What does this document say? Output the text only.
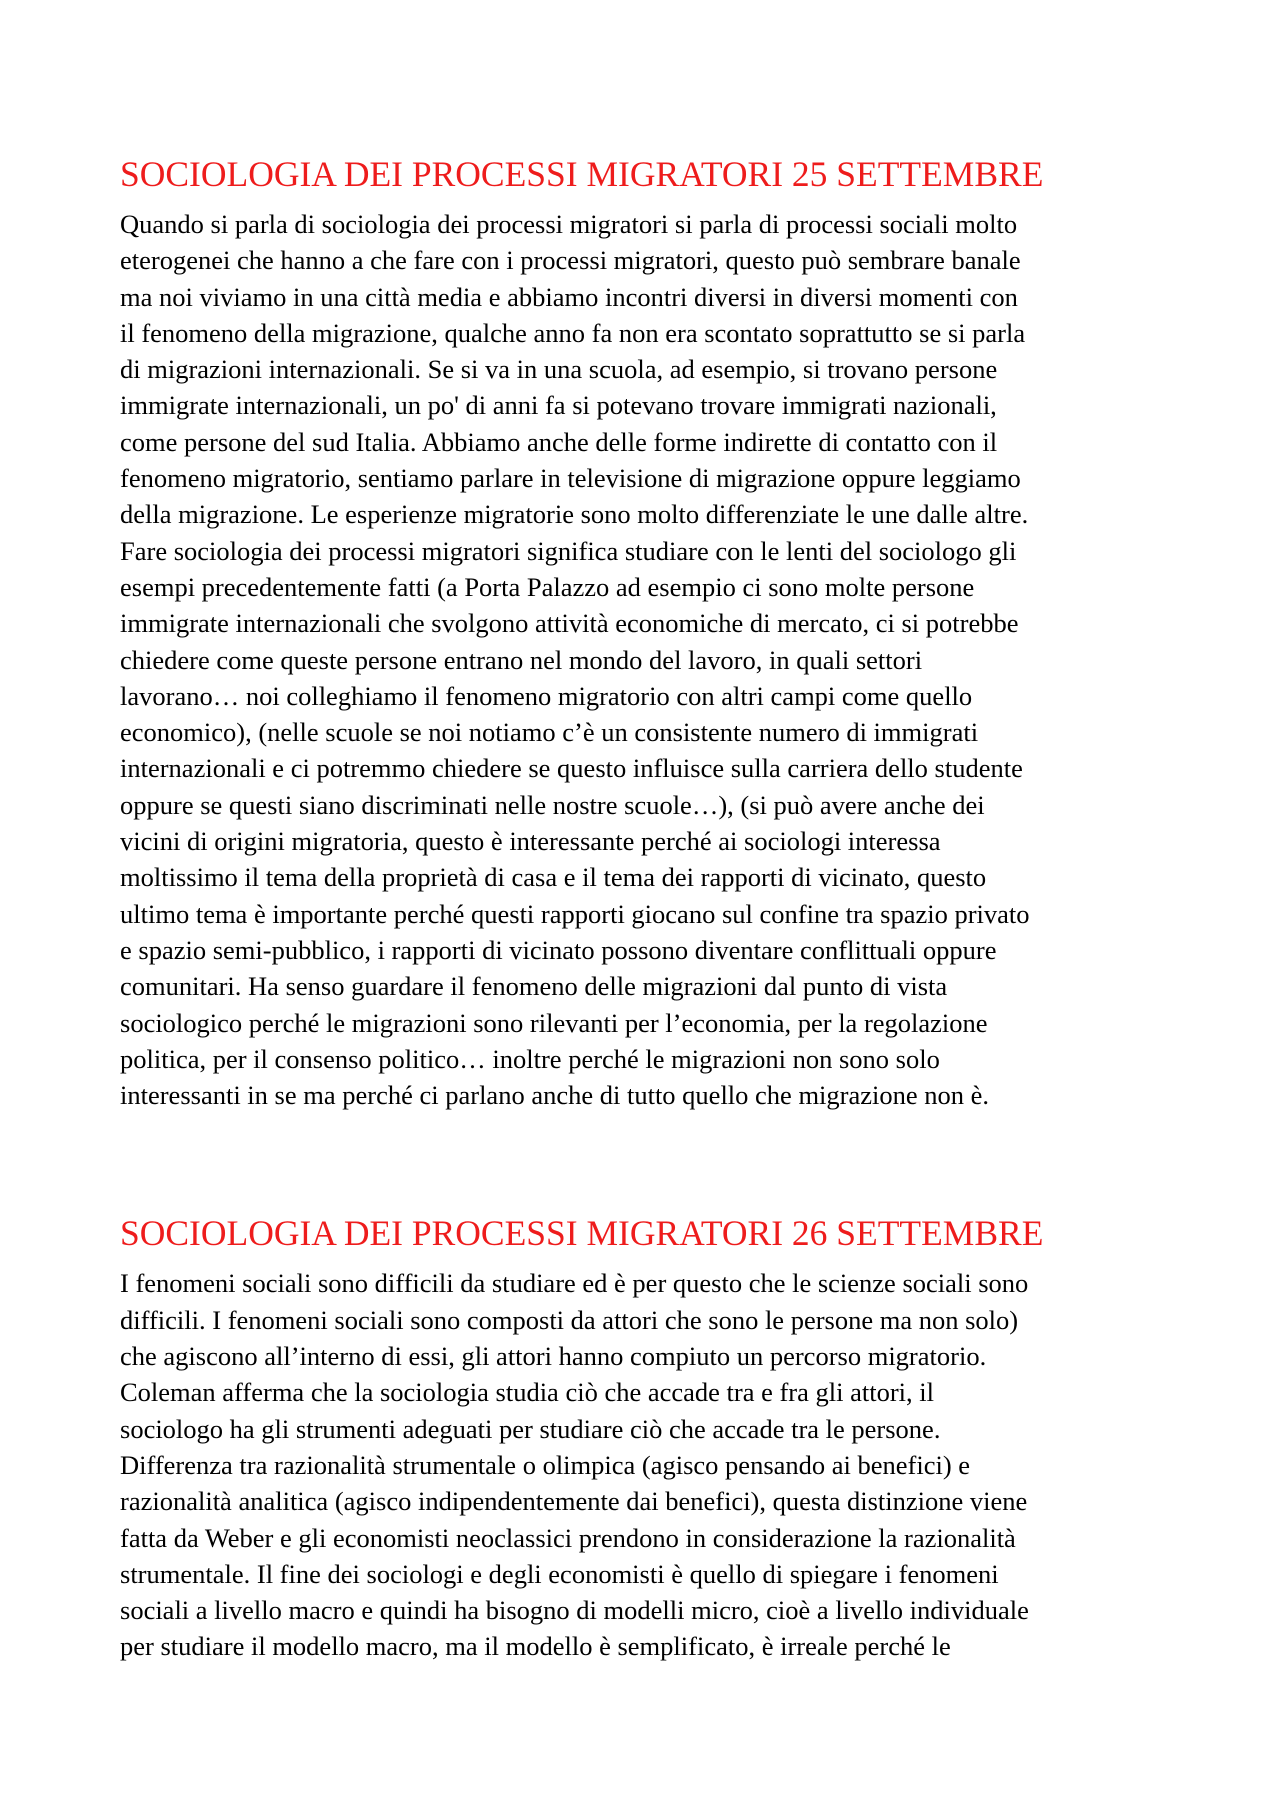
SOCIOLOGIA DEI PROCESSI MIGRATORI 25 SETTEMBRE
Quando si parla di sociologia dei processi migratori si parla di processi sociali molto
eterogenei che hanno a che fare con i processi migratori, questo può sembrare banale
ma noi viviamo in una città media e abbiamo incontri diversi in diversi momenti con
il fenomeno della migrazione, qualche anno fa non era scontato soprattutto se si parla
di migrazioni internazionali. Se si va in una scuola, ad esempio, si trovano persone
immigrate internazionali, un po' di anni fa si potevano trovare immigrati nazionali,
come persone del sud Italia. Abbiamo anche delle forme indirette di contatto con il
fenomeno migratorio, sentiamo parlare in televisione di migrazione oppure leggiamo
della migrazione. Le esperienze migratorie sono molto differenziate le une dalle altre.
Fare sociologia dei processi migratori significa studiare con le lenti del sociologo gli
esempi precedentemente fatti (a Porta Palazzo ad esempio ci sono molte persone
immigrate internazionali che svolgono attività economiche di mercato, ci si potrebbe
chiedere come queste persone entrano nel mondo del lavoro, in quali settori
lavorano… noi colleghiamo il fenomeno migratorio con altri campi come quello
economico), (nelle scuole se noi notiamo c’è un consistente numero di immigrati
internazionali e ci potremmo chiedere se questo influisce sulla carriera dello studente
oppure se questi siano discriminati nelle nostre scuole…), (si può avere anche dei
vicini di origini migratoria, questo è interessante perché ai sociologi interessa
moltissimo il tema della proprietà di casa e il tema dei rapporti di vicinato, questo
ultimo tema è importante perché questi rapporti giocano sul confine tra spazio privato
e spazio semi-pubblico, i rapporti di vicinato possono diventare conflittuali oppure
comunitari. Ha senso guardare il fenomeno delle migrazioni dal punto di vista
sociologico perché le migrazioni sono rilevanti per l’economia, per la regolazione
politica, per il consenso politico… inoltre perché le migrazioni non sono solo
interessanti in se ma perché ci parlano anche di tutto quello che migrazione non è.
SOCIOLOGIA DEI PROCESSI MIGRATORI 26 SETTEMBRE
I fenomeni sociali sono difficili da studiare ed è per questo che le scienze sociali sono
difficili. I fenomeni sociali sono composti da attori che sono le persone ma non solo)
che agiscono all’interno di essi, gli attori hanno compiuto un percorso migratorio.
Coleman afferma che la sociologia studia ciò che accade tra e fra gli attori, il
sociologo ha gli strumenti adeguati per studiare ciò che accade tra le persone.
Differenza tra razionalità strumentale o olimpica (agisco pensando ai benefici) e
razionalità analitica (agisco indipendentemente dai benefici), questa distinzione viene
fatta da Weber e gli economisti neoclassici prendono in considerazione la razionalità
strumentale. Il fine dei sociologi e degli economisti è quello di spiegare i fenomeni
sociali a livello macro e quindi ha bisogno di modelli micro, cioè a livello individuale
per studiare il modello macro, ma il modello è semplificato, è irreale perché le
